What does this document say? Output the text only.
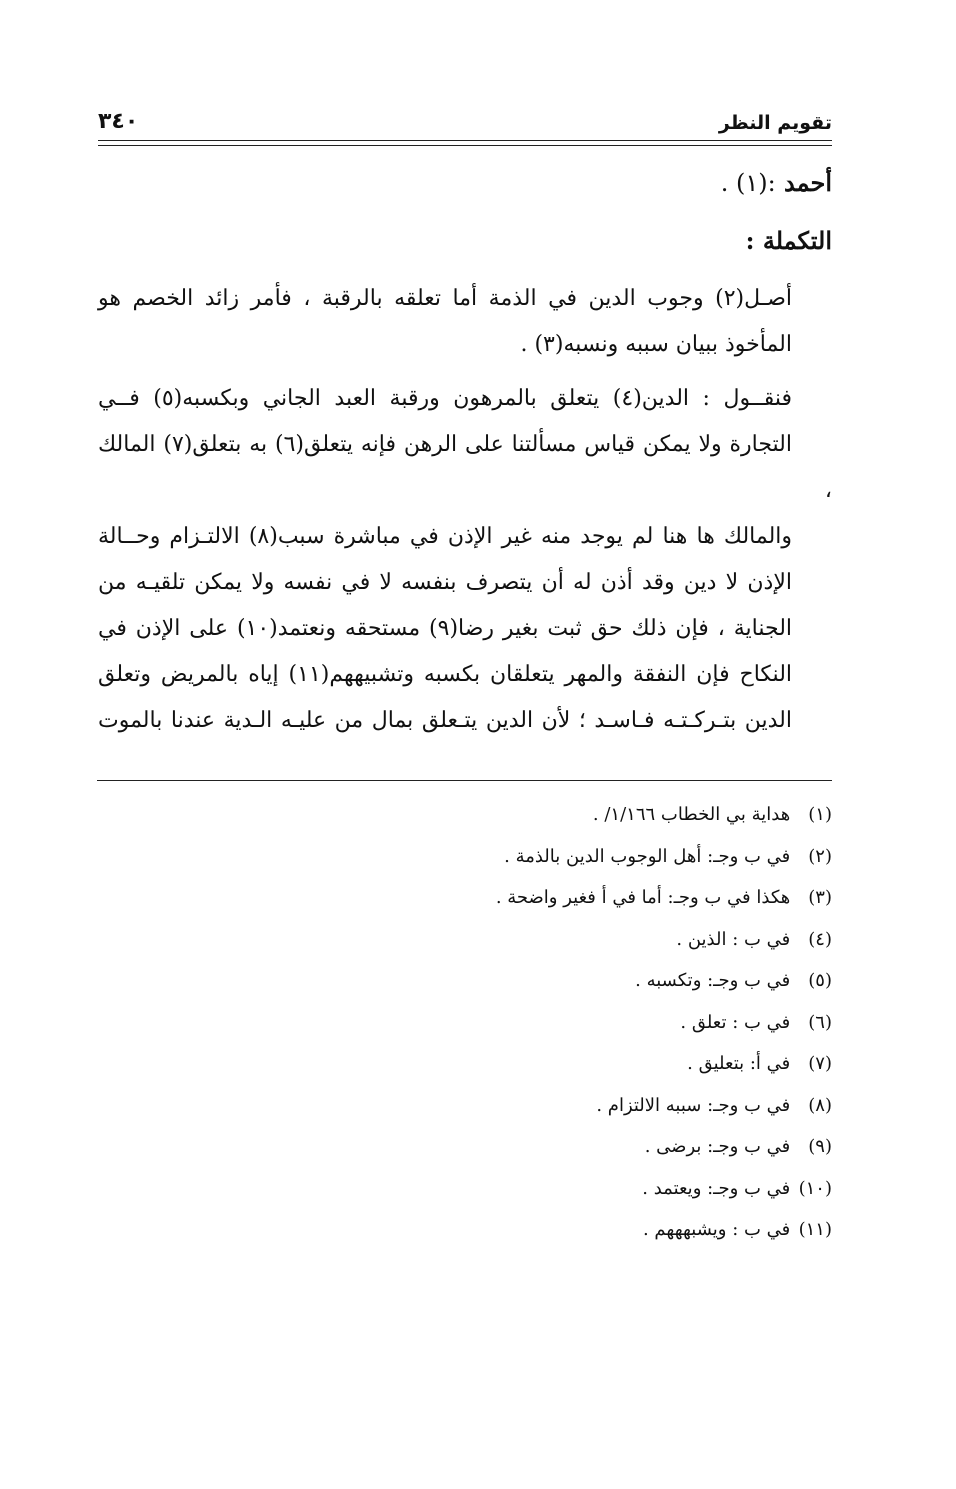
تقويم النظر
٣٤٠
أحمد :(١) .
التكملة :

أصـل(٢) وجوب الدين في الذمة أما تعلقه بالرقبة ، فأمر زائد الخصم هو
المأخوذ ببيان سببه ونسبه(٣) .

فنقــول : الدين(٤) يتعلق بالمرهون ورقبة العبد الجاني وبكسبه(٥) فــي
التجارة ولا يمكن قياس مسألتنا على الرهن فإنه يتعلق(٦) به بتعلق(٧) المالك ،
والمالك ها هنا لم يوجد منه غير الإذن في مباشرة سبب(٨) الالتـزام وحــالة
الإذن لا دين وقد أذن له أن يتصرف بنفسه لا في نفسه ولا يمكن تلقيـه من
الجناية ، فإن ذلك حق ثبت بغير رضا(٩) مستحقه ونعتمد(١٠) على الإذن في
النكاح فإن النفقة والمهر يتعلقان بكسبه وتشبيههم(١١) إياه بالمريض وتعلق
الدين بتـركـتـه فـاسـد ؛ لأن الدين يتـعلق بمال من عليـه الـدية عندنا بالموت

(١) هداية بي الخطاب ١/١٦٦/ .
(٢) في ب وجـ: أهل الوجوب الدين بالذمة .
(٣) هكذا في ب وجـ: أما في أ فغير واضحة .
(٤) في ب : الذين .
(٥) في ب وجـ: وتكسبه .
(٦) في ب : تعلق .
(٧) في أ: بتعليق .
(٨) في ب وجـ: سببه الالتزام .
(٩) في ب وجـ: برضى .
(١٠) في ب وجـ: ويعتمد .
(١١) في ب : ويشبهههم .
